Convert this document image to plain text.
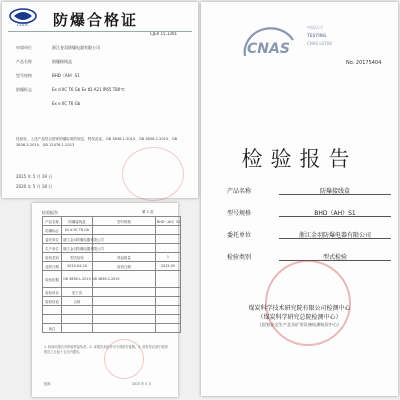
CCSTC	防爆合格证
CJEX 15.1301
申请单位	浙江金羽防爆电器有限公司
产品名称	防爆接线盒
型号规格	BHD（AH）S1
防爆标志	Ex d IIC T6 Gb Ex tD A21 IP65 T80℃
Ex e IIC T6 Gb
经检验，上述产品符合国家防爆标准的规定，特发此证。GB 3836.1-2010、GB 3836.2-2010、GB 3836.3-2010、GB 12476.1-2013
2015 年 5 月 19 日
2020 年 5 月 18 日
CNAS
中国认可
TESTING
CNAS L0708
No. 20175404
检验报告
产品名称	防爆接线盒
型号规格	BHD（AH）S1
委托单位	浙江金羽防爆电器有限公司
检验类别	型式检验
煤炭科学技术研究院有限公司检测中心
（煤炭科学研究总院检测中心）
(国家安全生产北京矿用设备检测检验中心)
检验报告	第 1 页
产品名称	防爆接线盒	型号规格	BHD（AH）S1
防爆标志	Ex d IIC T6 Gb		
委托单位	浙江金羽防爆电器有限公司		
生产单位	浙江金羽防爆电器有限公司		
检验类别	型式检验	样品数量	1
送样日期	2015-04-20	检验日期	2015-05
检验依据	GB 3836.1-2010 GB 3836.2-2010		
检验项目	见下页		
检验结论	合格		

备注			
1. 检验结果仅对所检样品负责。2. 本报告未经许可不得部分复制。3. 如有异议请于收到报告之日起十五日内提出。
批准：	2015 年 5 月
